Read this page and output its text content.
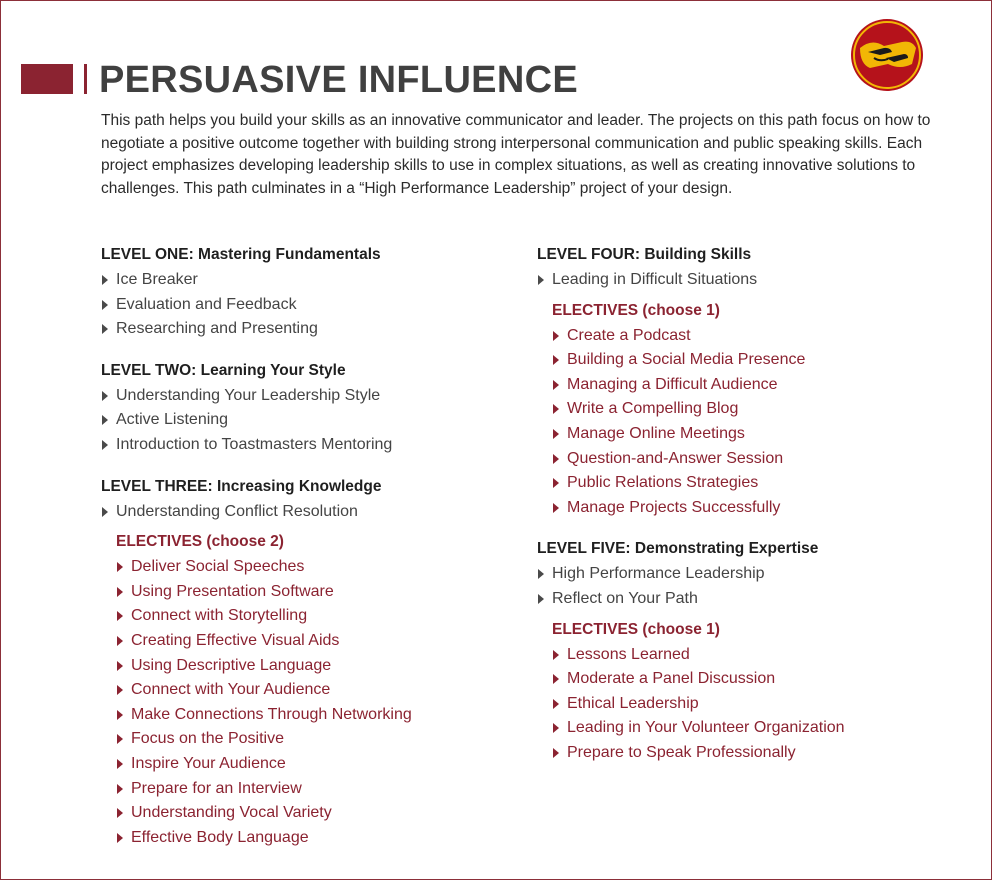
PERSUASIVE INFLUENCE

This path helps you build your skills as an innovative communicator and leader. The projects on this path focus on how to negotiate a positive outcome together with building strong interpersonal communication and public speaking skills. Each project emphasizes developing leadership skills to use in complex situations, as well as creating innovative solutions to challenges. This path culminates in a “High Performance Leadership” project of your design.

LEVEL ONE: Mastering Fundamentals
Ice Breaker
Evaluation and Feedback
Researching and Presenting
LEVEL TWO: Learning Your Style
Understanding Your Leadership Style
Active Listening
Introduction to Toastmasters Mentoring
LEVEL THREE: Increasing Knowledge
Understanding Conflict Resolution
ELECTIVES (choose 2)
Deliver Social Speeches
Using Presentation Software
Connect with Storytelling
Creating Effective Visual Aids
Using Descriptive Language
Connect with Your Audience
Make Connections Through Networking
Focus on the Positive
Inspire Your Audience
Prepare for an Interview
Understanding Vocal Variety
Effective Body Language
LEVEL FOUR: Building Skills
Leading in Difficult Situations
ELECTIVES (choose 1)
Create a Podcast
Building a Social Media Presence
Managing a Difficult Audience
Write a Compelling Blog
Manage Online Meetings
Question-and-Answer Session
Public Relations Strategies
Manage Projects Successfully
LEVEL FIVE: Demonstrating Expertise
High Performance Leadership
Reflect on Your Path
ELECTIVES (choose 1)
Lessons Learned
Moderate a Panel Discussion
Ethical Leadership
Leading in Your Volunteer Organization
Prepare to Speak Professionally
